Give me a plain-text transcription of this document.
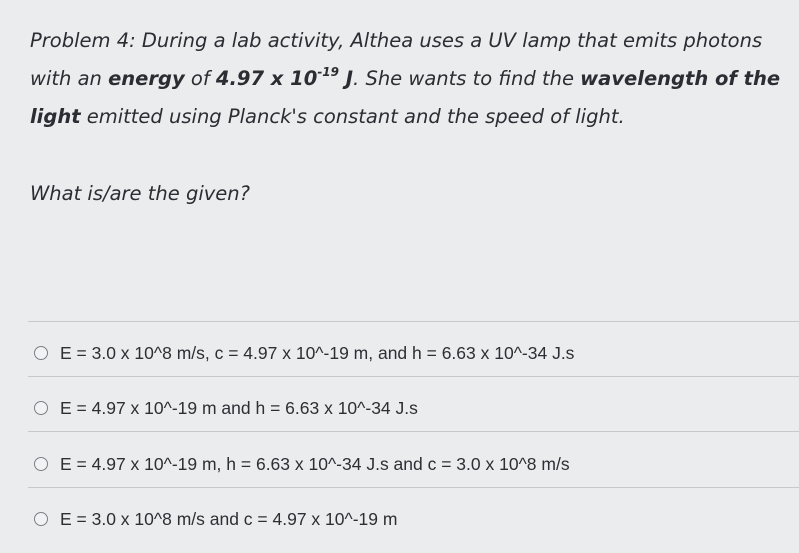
Problem 4: During a lab activity, Althea uses a UV lamp that emits photons with an energy of 4.97 x $10^{-19}$ J. She wants to find the wavelength of the light emitted using Planck's constant and the speed of light.
What is/are the given?
E = 3.0 x 10^8 m/s, c = 4.97 x 10^-19 m, and h = 6.63 x 10^-34 J.s
E = 4.97 x 10^-19 m and h = 6.63 x 10^-34 J.s
E = 4.97 x 10^-19 m, h = 6.63 x 10^-34 J.s and c = 3.0 x 10^8 m/s
E = 3.0 x 10^8 m/s and c = 4.97 x 10^-19 m
